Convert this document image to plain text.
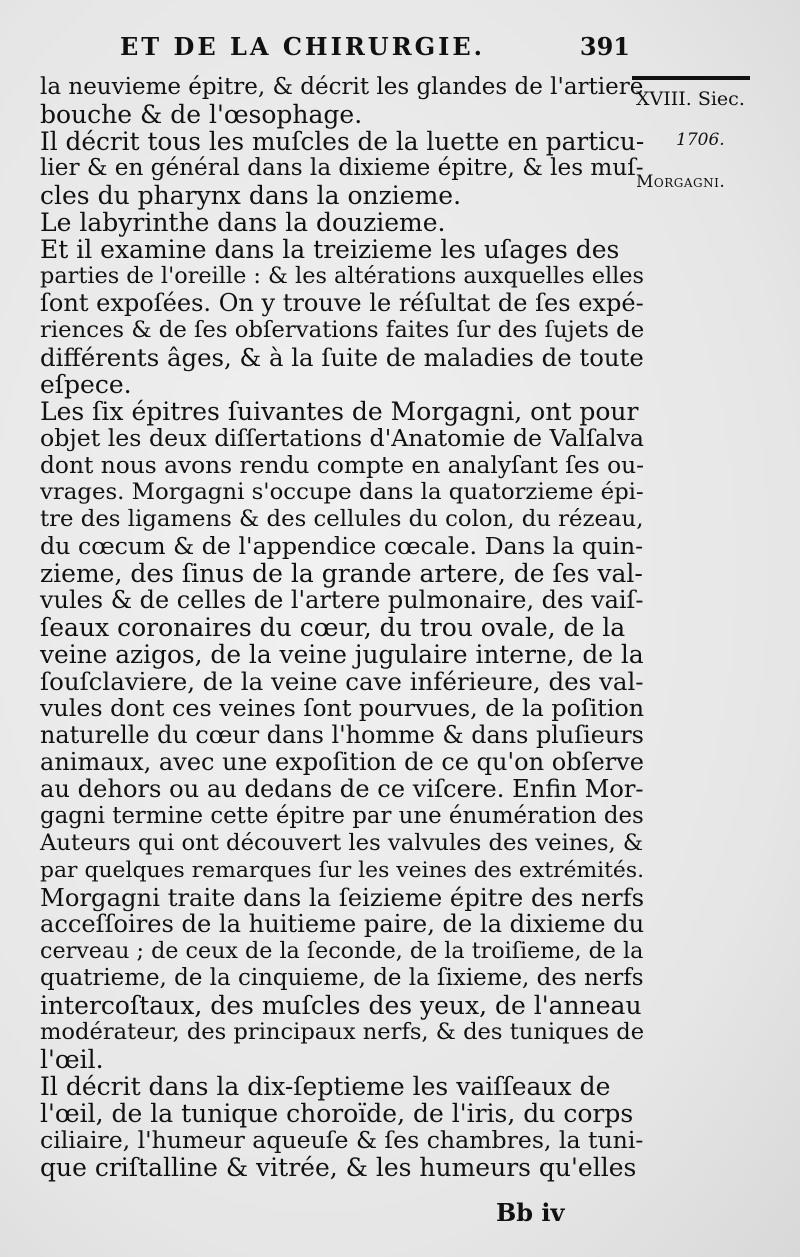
ET DE LA CHIRURGIE.	391
XVIII. Siec.
1706.
Morgagni.
la neuvieme épitre, & décrit les glandes de l'artiere
bouche & de l'œsophage.
Il décrit tous les muſcles de la luette en particu-
lier & en général dans la dixieme épitre, & les muſ-
cles du pharynx dans la onzieme.
Le labyrinthe dans la douzieme.
Et il examine dans la treizieme les uſages des
parties de l'oreille : & les altérations auxquelles elles
ſont expoſées. On y trouve le réſultat de ſes expé-
riences & de ſes obſervations faites ſur des ſujets de
différents âges, & à la ſuite de maladies de toute
eſpece.
Les ſix épitres ſuivantes de Morgagni, ont pour
objet les deux diſſertations d'Anatomie de Valſalva
dont nous avons rendu compte en analyſant ſes ou-
vrages. Morgagni s'occupe dans la quatorzieme épi-
tre des ligamens & des cellules du colon, du rézeau,
du cœcum & de l'appendice cœcale. Dans la quin-
zieme, des ſinus de la grande artere, de ſes val-
vules & de celles de l'artere pulmonaire, des vaiſ-
ſeaux coronaires du cœur, du trou ovale, de la
veine azigos, de la veine jugulaire interne, de la
ſouſclaviere, de la veine cave inférieure, des val-
vules dont ces veines ſont pourvues, de la poſition
naturelle du cœur dans l'homme & dans pluſieurs
animaux, avec une expoſition de ce qu'on obſerve
au dehors ou au dedans de ce viſcere. Enfin Mor-
gagni termine cette épitre par une énumération des
Auteurs qui ont découvert les valvules des veines, &
par quelques remarques ſur les veines des extrémités.
Morgagni traite dans la ſeizieme épitre des nerfs
acceſſoires de la huitieme paire, de la dixieme du
cerveau ; de ceux de la ſeconde, de la troiſieme, de la
quatrieme, de la cinquieme, de la ſixieme, des nerfs
intercoſtaux, des muſcles des yeux, de l'anneau
modérateur, des principaux nerfs, & des tuniques de
l'œil.
Il décrit dans la dix-ſeptieme les vaiſſeaux de
l'œil, de la tunique choroïde, de l'iris, du corps
ciliaire, l'humeur aqueuſe & ſes chambres, la tuni-
que criſtalline & vitrée, & les humeurs qu'elles
Bb iv
